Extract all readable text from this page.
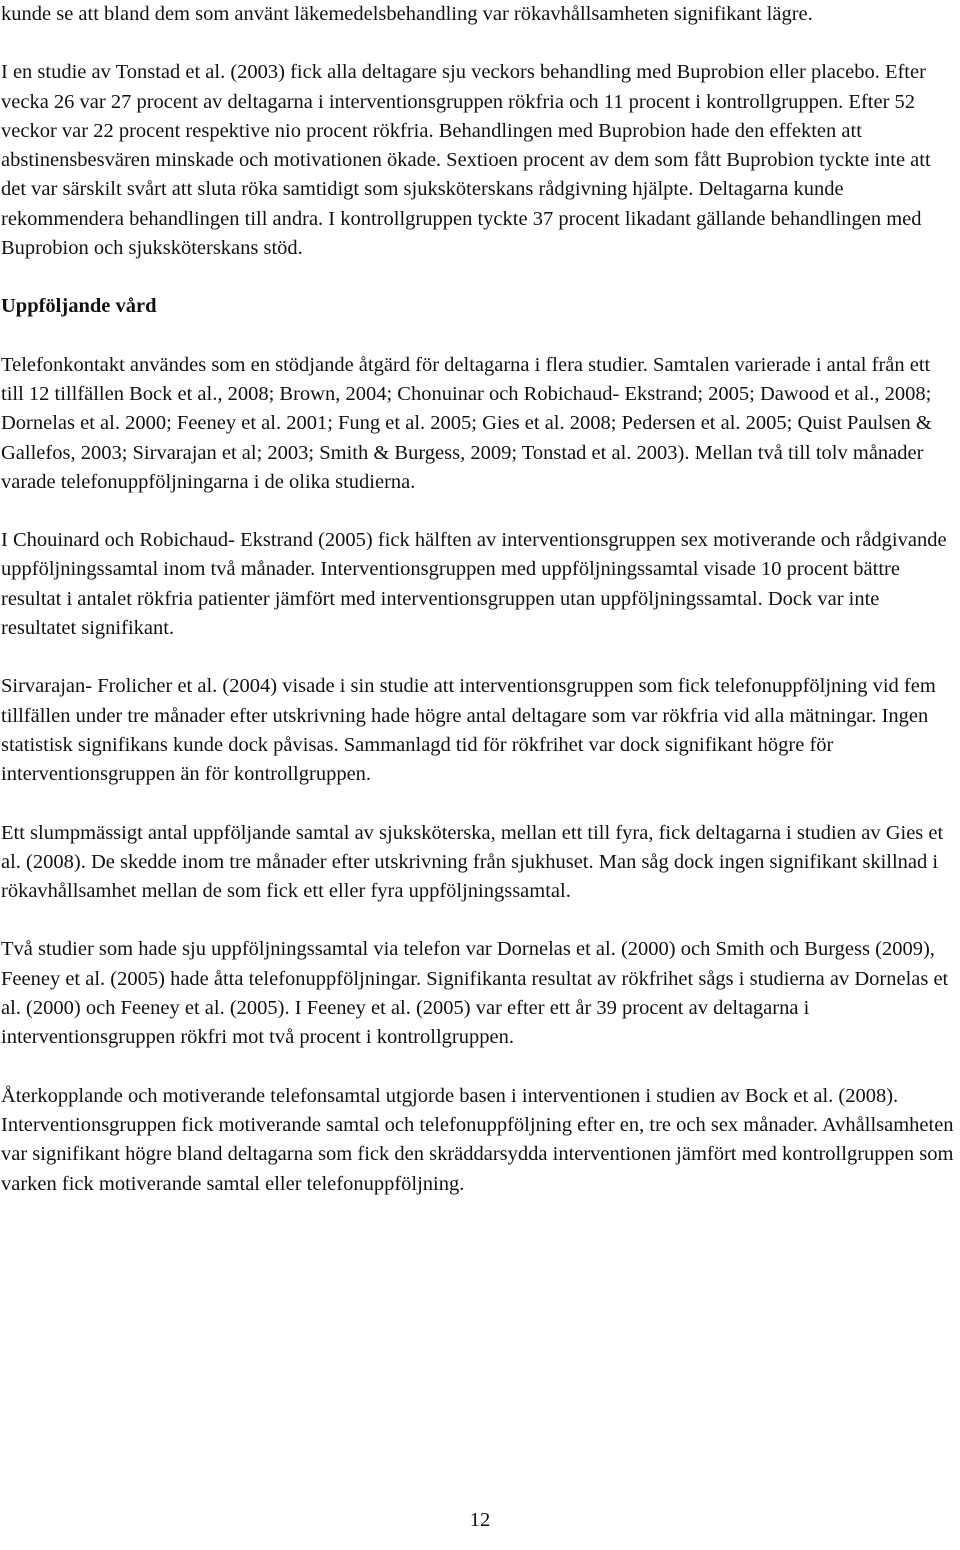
kunde se att bland dem som använt läkemedelsbehandling var rökavhållsamheten signifikant lägre.

I en studie av Tonstad et al. (2003) fick alla deltagare sju veckors behandling med Buprobion eller placebo. Efter vecka 26 var 27 procent av deltagarna i interventionsgruppen rökfria och 11 procent i kontrollgruppen. Efter 52 veckor var 22 procent respektive nio procent rökfria. Behandlingen med Buprobion hade den effekten att abstinensbesvären minskade och motivationen ökade. Sextioen procent av dem som fått Buprobion tyckte inte att det var särskilt svårt att sluta röka samtidigt som sjuksköterskans rådgivning hjälpte. Deltagarna kunde rekommendera behandlingen till andra. I kontrollgruppen tyckte 37 procent likadant gällande behandlingen med Buprobion och sjuksköterskans stöd.

Uppföljande vård

Telefonkontakt användes som en stödjande åtgärd för deltagarna i flera studier. Samtalen varierade i antal från ett till 12 tillfällen Bock et al., 2008; Brown, 2004; Chonuinar och Robichaud- Ekstrand; 2005; Dawood et al., 2008; Dornelas et al. 2000; Feeney et al. 2001; Fung et al. 2005; Gies et al. 2008; Pedersen et al. 2005; Quist Paulsen & Gallefos, 2003; Sirvarajan et al; 2003; Smith & Burgess, 2009; Tonstad et al. 2003). Mellan två till tolv månader varade telefonuppföljningarna i de olika studierna.

I Chouinard och Robichaud- Ekstrand (2005) fick hälften av interventionsgruppen sex motiverande och rådgivande uppföljningssamtal inom två månader. Interventionsgruppen med uppföljningssamtal visade 10 procent bättre resultat i antalet rökfria patienter jämfört med interventionsgruppen utan uppföljningssamtal. Dock var inte resultatet signifikant.

Sirvarajan- Frolicher et al. (2004) visade i sin studie att interventionsgruppen som fick telefonuppföljning vid fem tillfällen under tre månader efter utskrivning hade högre antal deltagare som var rökfria vid alla mätningar. Ingen statistisk signifikans kunde dock påvisas. Sammanlagd tid för rökfrihet var dock signifikant högre för interventionsgruppen än för kontrollgruppen.

Ett slumpmässigt antal uppföljande samtal av sjuksköterska, mellan ett till fyra, fick deltagarna i studien av Gies et al. (2008). De skedde inom tre månader efter utskrivning från sjukhuset. Man såg dock ingen signifikant skillnad i rökavhållsamhet mellan de som fick ett eller fyra uppföljningssamtal.

Två studier som hade sju uppföljningssamtal via telefon var Dornelas et al. (2000) och Smith och Burgess (2009), Feeney et al. (2005) hade åtta telefonuppföljningar. Signifikanta resultat av rökfrihet sågs i studierna av Dornelas et al. (2000) och Feeney et al. (2005). I Feeney et al. (2005) var efter ett år 39 procent av deltagarna i interventionsgruppen rökfri mot två procent i kontrollgruppen.

Återkopplande och motiverande telefonsamtal utgjorde basen i interventionen i studien av Bock et al. (2008). Interventionsgruppen fick motiverande samtal och telefonuppföljning efter en, tre och sex månader. Avhållsamheten var signifikant högre bland deltagarna som fick den skräddarsydda interventionen jämfört med kontrollgruppen som varken fick motiverande samtal eller telefonuppföljning.

12
